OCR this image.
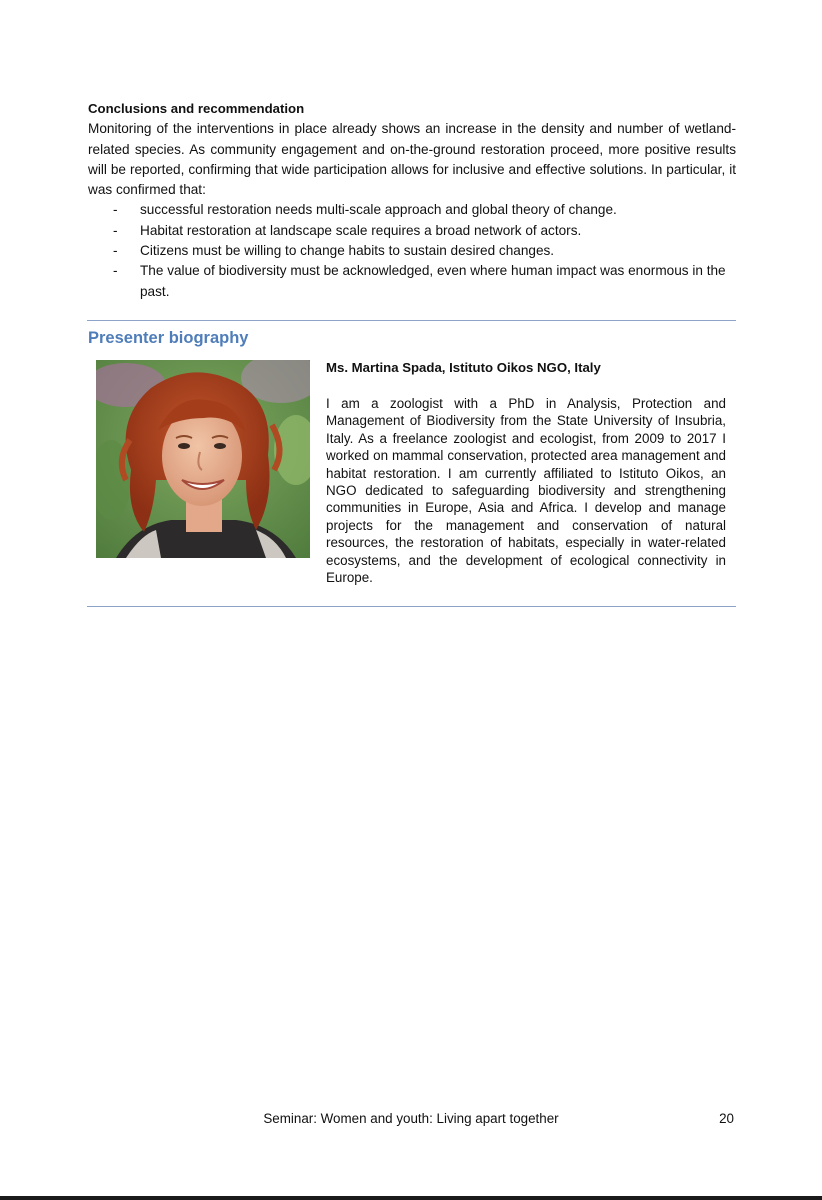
Conclusions and recommendation
Monitoring of the interventions in place already shows an increase in the density and number of wetland-related species. As community engagement and on-the-ground restoration proceed, more positive results will be reported, confirming that wide participation allows for inclusive and effective solutions. In particular, it was confirmed that:
- successful restoration needs multi-scale approach and global theory of change.
- Habitat restoration at landscape scale requires a broad network of actors.
- Citizens must be willing to change habits to sustain desired changes.
- The value of biodiversity must be acknowledged, even where human impact was enormous in the past.
Presenter biography
Ms. Martina Spada, Istituto Oikos NGO, Italy
I am a zoologist with a PhD in Analysis, Protection and Management of Biodiversity from the State University of Insubria, Italy. As a freelance zoologist and ecologist, from 2009 to 2017 I worked on mammal conservation, protected area management and habitat restoration. I am currently affiliated to Istituto Oikos, an NGO dedicated to safeguarding biodiversity and strengthening communities in Europe, Asia and Africa. I develop and manage projects for the management and conservation of natural resources, the restoration of habitats, especially in water-related ecosystems, and the development of ecological connectivity in Europe.
Seminar: Women and youth: Living apart together	20
